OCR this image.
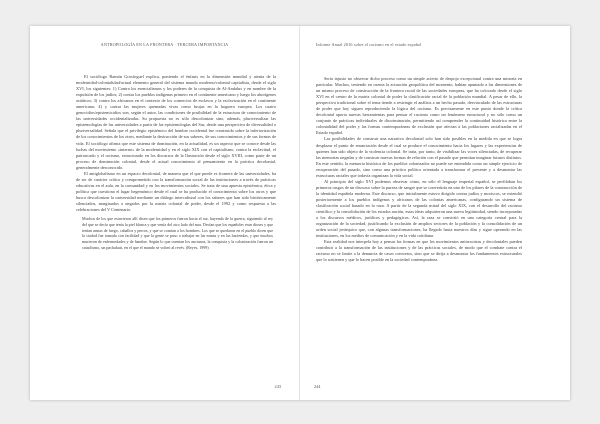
ANTROPOLOGÍA EN LA FRONTERA · TERCERA IMPORTANCIA

El sociólogo Ramón Grosfoguel explica, poniendo el énfasis en la dimensión mundial y atenta de la modernidad-colonialidad/actual elemento general del sistema mundo moderno/colonial capitalista, desde el siglo XVI, los siguientes: 1) Contra los esencialismos y los poderes de la conquista de Al-Andalus y en nombre de la expulsión de los judíos; 2) contra los pueblos indígenas primero en el continente americano y luego los aborígenes asiáticos; 3) contra los africanos en el contexto de los comercios de esclavos y la esclavización en el continente americano; 4) y contra las mujeres quemadas vivas como brujas en la hoguera europea. Los cuatro genocidios/epistemicidios son, según el autor, las condiciones de posibilidad de la estructura de conocimiento de las universidades occidentalizadas. Su propuesta no es sólo descolonizar sino, además, pluriversalizar las epistemologías de las universidades a partir de las epistemologías del Sur, desde una perspectiva de diversalidad o pluriversalidad. Señala que el privilegio epistémico del hombre occidental fue construido sobre la inferiorización de los conocimientos de los otros, mediante la destrucción de sus saberes, de sus conocimientos y de sus formas de vida. El sociólogo afirma que este sistema de dominación, en la actualidad, es un aspecto que se conoce desde las luchas del movimiento «interno» de la modernidad y en el siglo XIX con el capitalismo, contra la esclavitud, el patriarcado y el racismo, estructurado en los discursos de la Ilustración desde el siglo XVIII, como parte de un proceso de dominación colonial, desde el actual conocimiento al pensamiento en la práctica decolonial, generalmente desconocido.

El antiglobalismo en un espacio decolonial, de manera que el que puede es frontera de las universidades, ha de ser de carácter crítico y comprometido con la transformación social de las instituciones a través de prácticas educativas en el aula, en la comunidad y en los movimientos sociales. Se trata de una apuesta epistémica, ética y política que cuestiona el lugar hegemónico desde el cual se ha producido el conocimiento sobre los otros y que busca descolonizar la universidad mediante un diálogo intercultural con los saberes que han sido históricamente silenciados, marginados o negados por la matriz colonial de poder, desde el 1992 y como respuesta a las celebraciones del V Centenario.

Muchos de los que estuvieron allí dicen que los primeros fueron hacia el sur, huyendo de la guerra, siguiendo al rey del que se decía que tenía la piel blanca y que venía del otro lado del mar. Decían que los españoles eran dioses y que tenían armas de fuego, caballos y perros, y que se comían a los hombres. Los que se quedaron en el pueblo dicen que la ciudad fue tomada con facilidad y que la gente se puso a trabajar en las minas y en las haciendas, y que muchos murieron de enfermedades y de hambre. Según lo que cuentan los ancianos, la conquista y la colonización fueron un cataclismo, un pachakuti, en el que el mundo se volteó al revés. (Reyes, 1999)

243
Informe Anual 2016 sobre el racismo en el estado español

Sería injusto no observar dicho proceso como un simple acierto de despojo excepcional contra una minoría en particular. Muchos, teniendo en cuenta la actuación geopolítica del momento, habían apuntado a las dimensiones de un mismo proceso de construcción de la frontera racial de las sociedades europeas, que ha colocado desde el siglo XVI en el centro de la matriz colonial de poder la clasificación racial de la población mundial. A pesar de ello, la perspectiva tradicional sobre el tema tiende a restringir el análisis a un hecho pasado, desvinculado de las estructuras de poder que hoy siguen reproduciendo la lógica del racismo. Es precisamente en este punto donde la crítica decolonial aporta nuevas herramientas para pensar el racismo como un fenómeno estructural y no sólo como un conjunto de prácticas individuales de discriminación, permitiendo así comprender la continuidad histórica entre la colonialidad del poder y las formas contemporáneas de exclusión que afectan a las poblaciones racializadas en el Estado español.

Las posibilidades de construir una narrativa decolonial solo han sido posibles en la medida en que se logra desplazar el punto de enunciación desde el cual se produce el conocimiento hacia los lugares y las experiencias de quienes han sido objeto de la violencia colonial. Se trata, por tanto, de visibilizar las voces silenciadas, de recuperar las memorias negadas y de construir nuevas formas de relación con el pasado que permitan imaginar futuros distintos. En este sentido, la memoria histórica de los pueblos colonizados no puede ser entendida como un simple ejercicio de recuperación del pasado, sino como una práctica política orientada a transformar el presente y a desmontar las estructuras raciales que todavía organizan la vida social.

Al principio del siglo XVI podemos observar cómo, en sólo el lenguaje imperial español, se perfilaban los primeros rasgos de un discurso sobre la pureza de sangre que se convertiría en uno de los pilares de la construcción de la identidad española moderna. Este discurso, que inicialmente estuvo dirigido contra judíos y moriscos, se extendió posteriormente a los pueblos indígenas y africanos de las colonias americanas, configurando un sistema de clasificación social basado en la raza. A partir de la segunda mitad del siglo XIX, con el desarrollo del racismo científico y la consolidación de los estados nación, estas ideas adquirieron una nueva legitimidad, siendo incorporadas a los discursos médicos, jurídicos y pedagógicos. Así, la raza se convirtió en una categoría central para la organización de la sociedad, justificando la exclusión de amplios sectores de la población y la consolidación de un orden social jerárquico que, con algunas transformaciones, ha llegado hasta nuestros días y sigue operando en las instituciones, en los medios de comunicación y en la vida cotidiana.

Esta realidad nos interpela hoy a pensar las formas en que los movimientos antirracistas y decoloniales pueden contribuir a la transformación de las instituciones y de las prácticas sociales, de modo que el combate contra el racismo no se limite a la denuncia de casos concretos, sino que se dirija a desmontar los fundamentos estructurales que lo sostienen y que lo hacen posible en la sociedad contemporánea.

244
